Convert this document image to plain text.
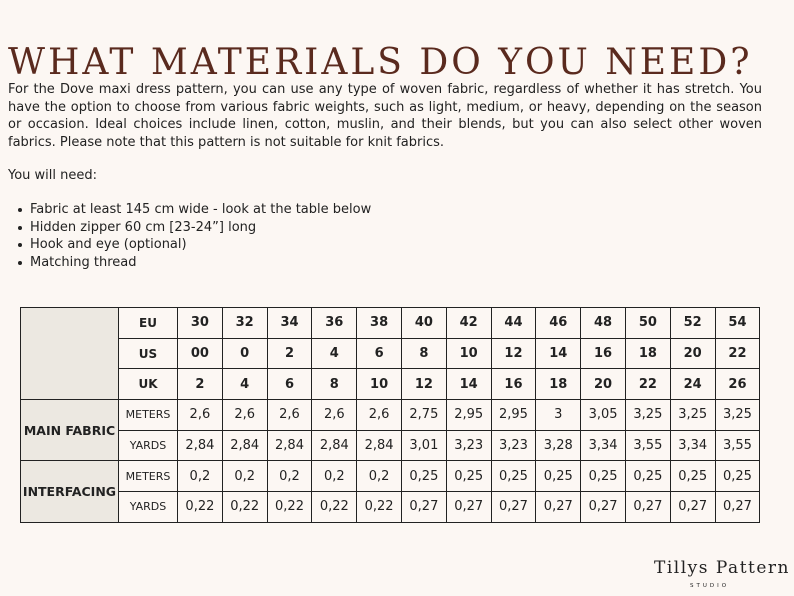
WHAT MATERIALS DO YOU NEED?

For the Dove maxi dress pattern, you can use any type of woven fabric, regardless of whether it has stretch. You have the option to choose from various fabric weights, such as light, medium, or heavy, depending on the season or occasion. Ideal choices include linen, cotton, muslin, and their blends, but you can also select other woven fabrics. Please note that this pattern is not suitable for knit fabrics.

You will need:

Fabric at least 145 cm wide - look at the table below
Hidden zipper 60 cm [23-24”] long
Hook and eye (optional)
Matching thread
	EU	30	32	34	36	38	40	42	44	46	48	50	52	54
	US	00	0	2	4	6	8	10	12	14	16	18	20	22
	UK	2	4	6	8	10	12	14	16	18	20	22	24	26
MAIN FABRIC	METERS	2,6	2,6	2,6	2,6	2,6	2,75	2,95	2,95	3	3,05	3,25	3,25	3,25
	YARDS	2,84	2,84	2,84	2,84	2,84	3,01	3,23	3,23	3,28	3,34	3,55	3,34	3,55
INTERFACING	METERS	0,2	0,2	0,2	0,2	0,2	0,25	0,25	0,25	0,25	0,25	0,25	0,25	0,25
	YARDS	0,22	0,22	0,22	0,22	0,22	0,27	0,27	0,27	0,27	0,27	0,27	0,27	0,27
Tillys Pattern
STUDIO
